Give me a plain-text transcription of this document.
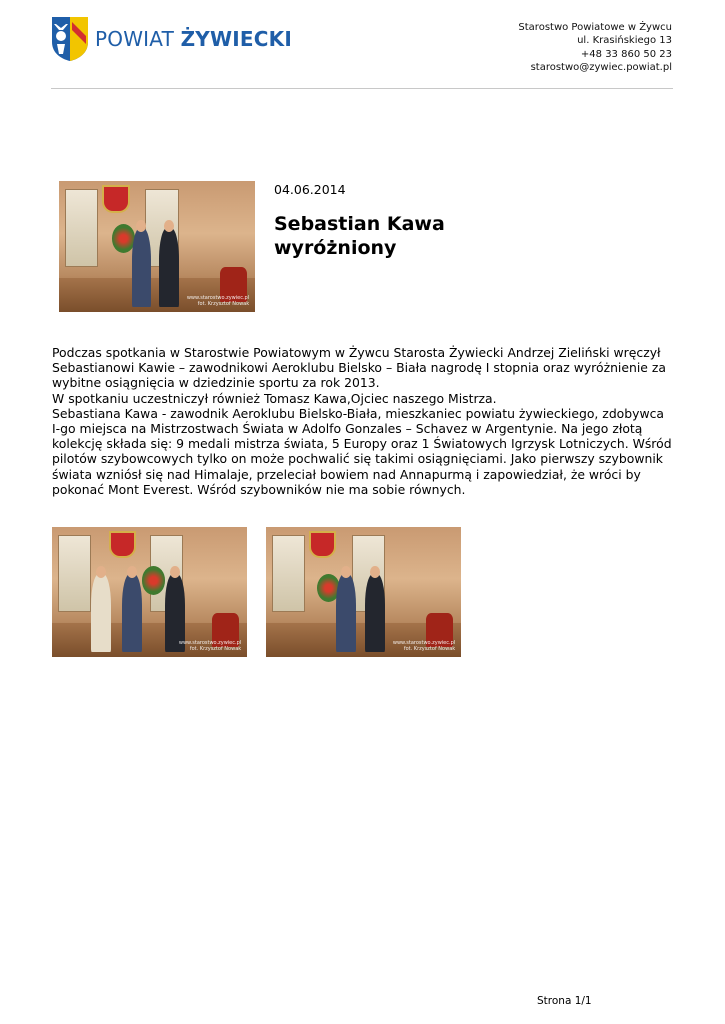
POWIAT ŻYWIECKI	Starostwo Powiatowe w Żywcu
ul. Krasińskiego 13
+48 33 860 50 23
starostwo@zywiec.powiat.pl
www.starostwo.zywiec.pl
fot. Krzysztof Nowak
04.06.2014
Sebastian Kawa wyróżniony

Podczas spotkania w Starostwie Powiatowym w Żywcu Starosta Żywiecki Andrzej Zieliński wręczył Sebastianowi Kawie – zawodnikowi Aeroklubu Bielsko – Biała nagrodę I stopnia oraz wyróżnienie za wybitne osiągnięcia w dziedzinie sportu za rok 2013.

W spotkaniu uczestniczył również Tomasz Kawa,Ojciec naszego Mistrza.

Sebastiana Kawa - zawodnik Aeroklubu Bielsko-Biała, mieszkaniec powiatu żywieckiego, zdobywca I-go miejsca na Mistrzostwach Świata w Adolfo Gonzales – Schavez w Argentynie. Na jego złotą kolekcję składa się: 9 medali mistrza świata, 5 Europy oraz 1 Światowych Igrzysk Lotniczych. Wśród pilotów szybowcowych tylko on może pochwalić się takimi osiągnięciami. Jako pierwszy szybownik świata wzniósł się nad Himalaje, przeleciał bowiem nad Annapurmą i zapowiedział, że wróci by pokonać Mont Everest. Wśród szybowników nie ma sobie równych.

www.starostwo.zywiec.pl
fot. Krzysztof Nowak
www.starostwo.zywiec.pl
fot. Krzysztof Nowak
Strona 1/1
